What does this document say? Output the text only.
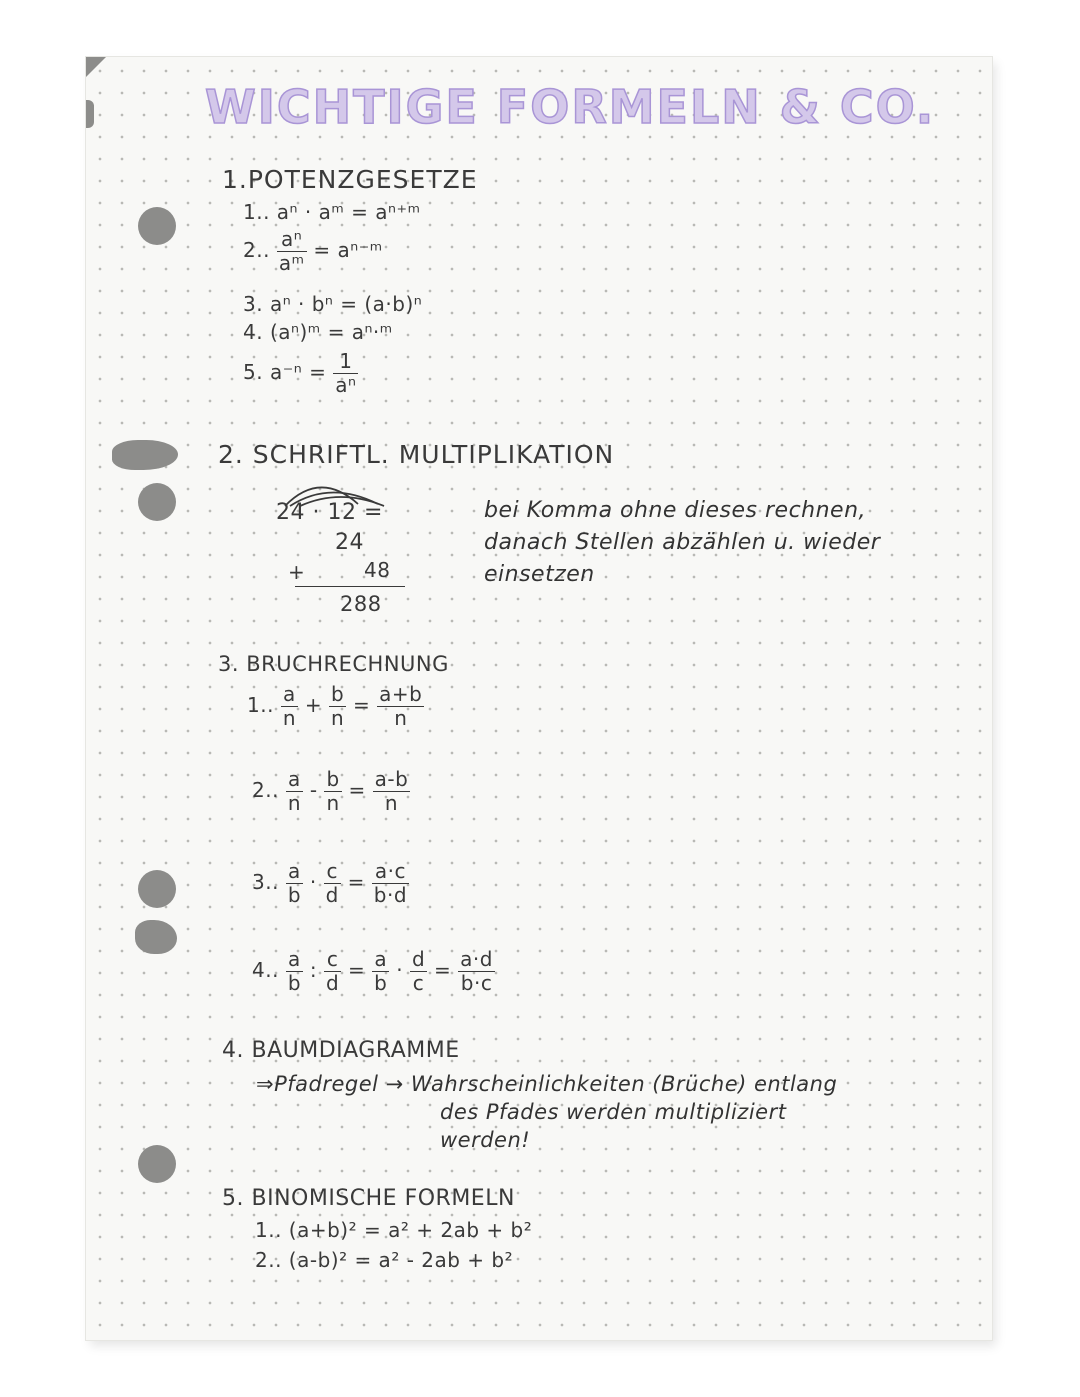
WICHTIGE FORMELN & CO.
1.POTENZGESETZE
1.. aⁿ · aᵐ = aⁿ⁺ᵐ
2.. $\frac{\text{aⁿ}}{\text{aᵐ}}$ = aⁿ⁻ᵐ
3. aⁿ · bⁿ = (a·b)ⁿ
4. (aⁿ)ᵐ = aⁿ·ᵐ
5. $a^{-n} = \frac{1}{\text{aⁿ}}$
2. SCHRIFTL. MULTIPLIKATION
24 · 12 =
24
+	48
288
bei Komma ohne dieses rechnen,
danach Stellen abzählen u. wieder
einsetzen
3. BRUCHRECHNUNG
1.. $\frac{a}{n} + \frac{b}{n} = \frac{a+b}{n}$
2.. $\frac{a}{n} - \frac{b}{n} = \frac{a-b}{n}$
3.. $\frac{a}{b} \cdot \frac{c}{d} = \frac{a\cdot c}{b\cdot d}$
4.. $\frac{a}{b}$ : $\frac{c}{d} = \frac{a}{b} \cdot \frac{d}{c} = \frac{a\cdot d}{b\cdot c}$
4. BAUMDIAGRAMME
⇒Pfadregel → Wahrscheinlichkeiten (Brüche) entlang
des Pfades werden multipliziert
werden!
5. BINOMISCHE FORMELN
1.. (a+b)² = a² + 2ab + b²
2.. (a-b)² = a² - 2ab + b²
